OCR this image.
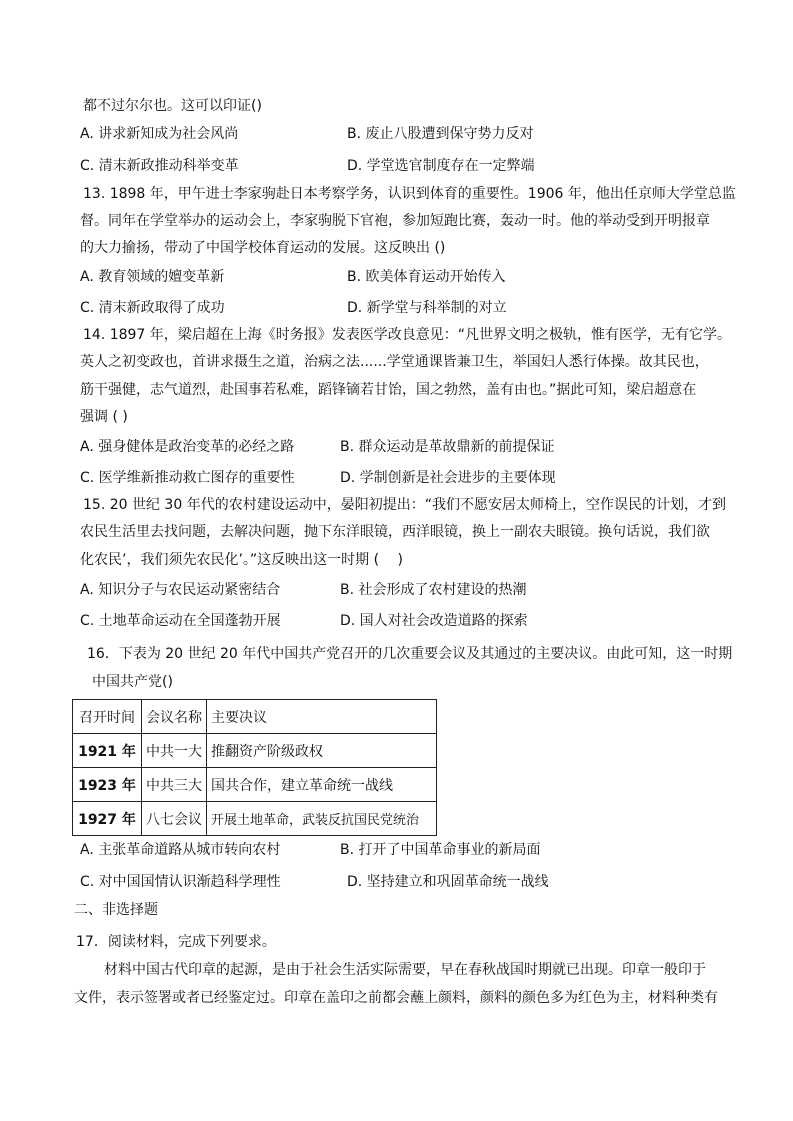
都不过尔尔也。这可以印证()
A. 讲求新知成为社会风尚	B. 废止八股遭到保守势力反对
C. 清末新政推动科举变革	D. 学堂选官制度存在一定弊端
13. 1898 年，甲午进士李家驹赴日本考察学务，认识到体育的重要性。1906 年，他出任京师大学堂总监
督。同年在学堂举办的运动会上，李家驹脱下官袍，参加短跑比赛，轰动一时。他的举动受到开明报章
的大力揄扬，带动了中国学校体育运动的发展。这反映出 ()
A. 教育领域的嬗变革新	B. 欧美体育运动开始传入
C. 清末新政取得了成功	D. 新学堂与科举制的对立
14. 1897 年，梁启超在上海《时务报》发表医学改良意见：“凡世界文明之极轨，惟有医学，无有它学。
英人之初变政也，首讲求摄生之道，治病之法......学堂通课皆兼卫生，举国妇人悉行体操。故其民也，
筋干强健，志气道烈，赴国事若私难，蹈锋镝若甘饴，国之勃然，盖有由也。”据此可知，梁启超意在
强调 ( )
A. 强身健体是政治变革的必经之路	B. 群众运动是革故鼎新的前提保证
C. 医学维新推动救亡图存的重要性	D. 学制创新是社会进步的主要体现
15. 20 世纪 30 年代的农村建设运动中，晏阳初提出：“我们不愿安居太师椅上，空作误民的计划，才到
农民生活里去找问题，去解决问题，抛下东洋眼镜，西洋眼镜，换上一副农夫眼镜。换句话说，我们欲
化农民’，我们须先农民化’。”这反映出这一时期 (　 )
A. 知识分子与农民运动紧密结合	B. 社会形成了农村建设的热潮
C. 土地革命运动在全国蓬勃开展	D. 国人对社会改造道路的探索
16．下表为 20 世纪 20 年代中国共产党召开的几次重要会议及其通过的主要决议。由此可知，这一时期
中国共产党()
召开时间	会议名称	主要决议
1921 年	中共一大	推翻资产阶级政权
1923 年	中共三大	国共合作，建立革命统一战线
1927 年	八七会议	开展土地革命，武装反抗国民党统治
A. 主张革命道路从城市转向农村	B. 打开了中国革命事业的新局面
C. 对中国国情认识渐趋科学理性	D. 坚持建立和巩固革命统一战线
二、非选择题
17．阅读材料，完成下列要求。
材料中国古代印章的起源，是由于社会生活实际需要，早在春秋战国时期就已出现。印章一般印于
文件，表示签署或者已经鉴定过。印章在盖印之前都会蘸上颜料，颜料的颜色多为红色为主，材料种类有
